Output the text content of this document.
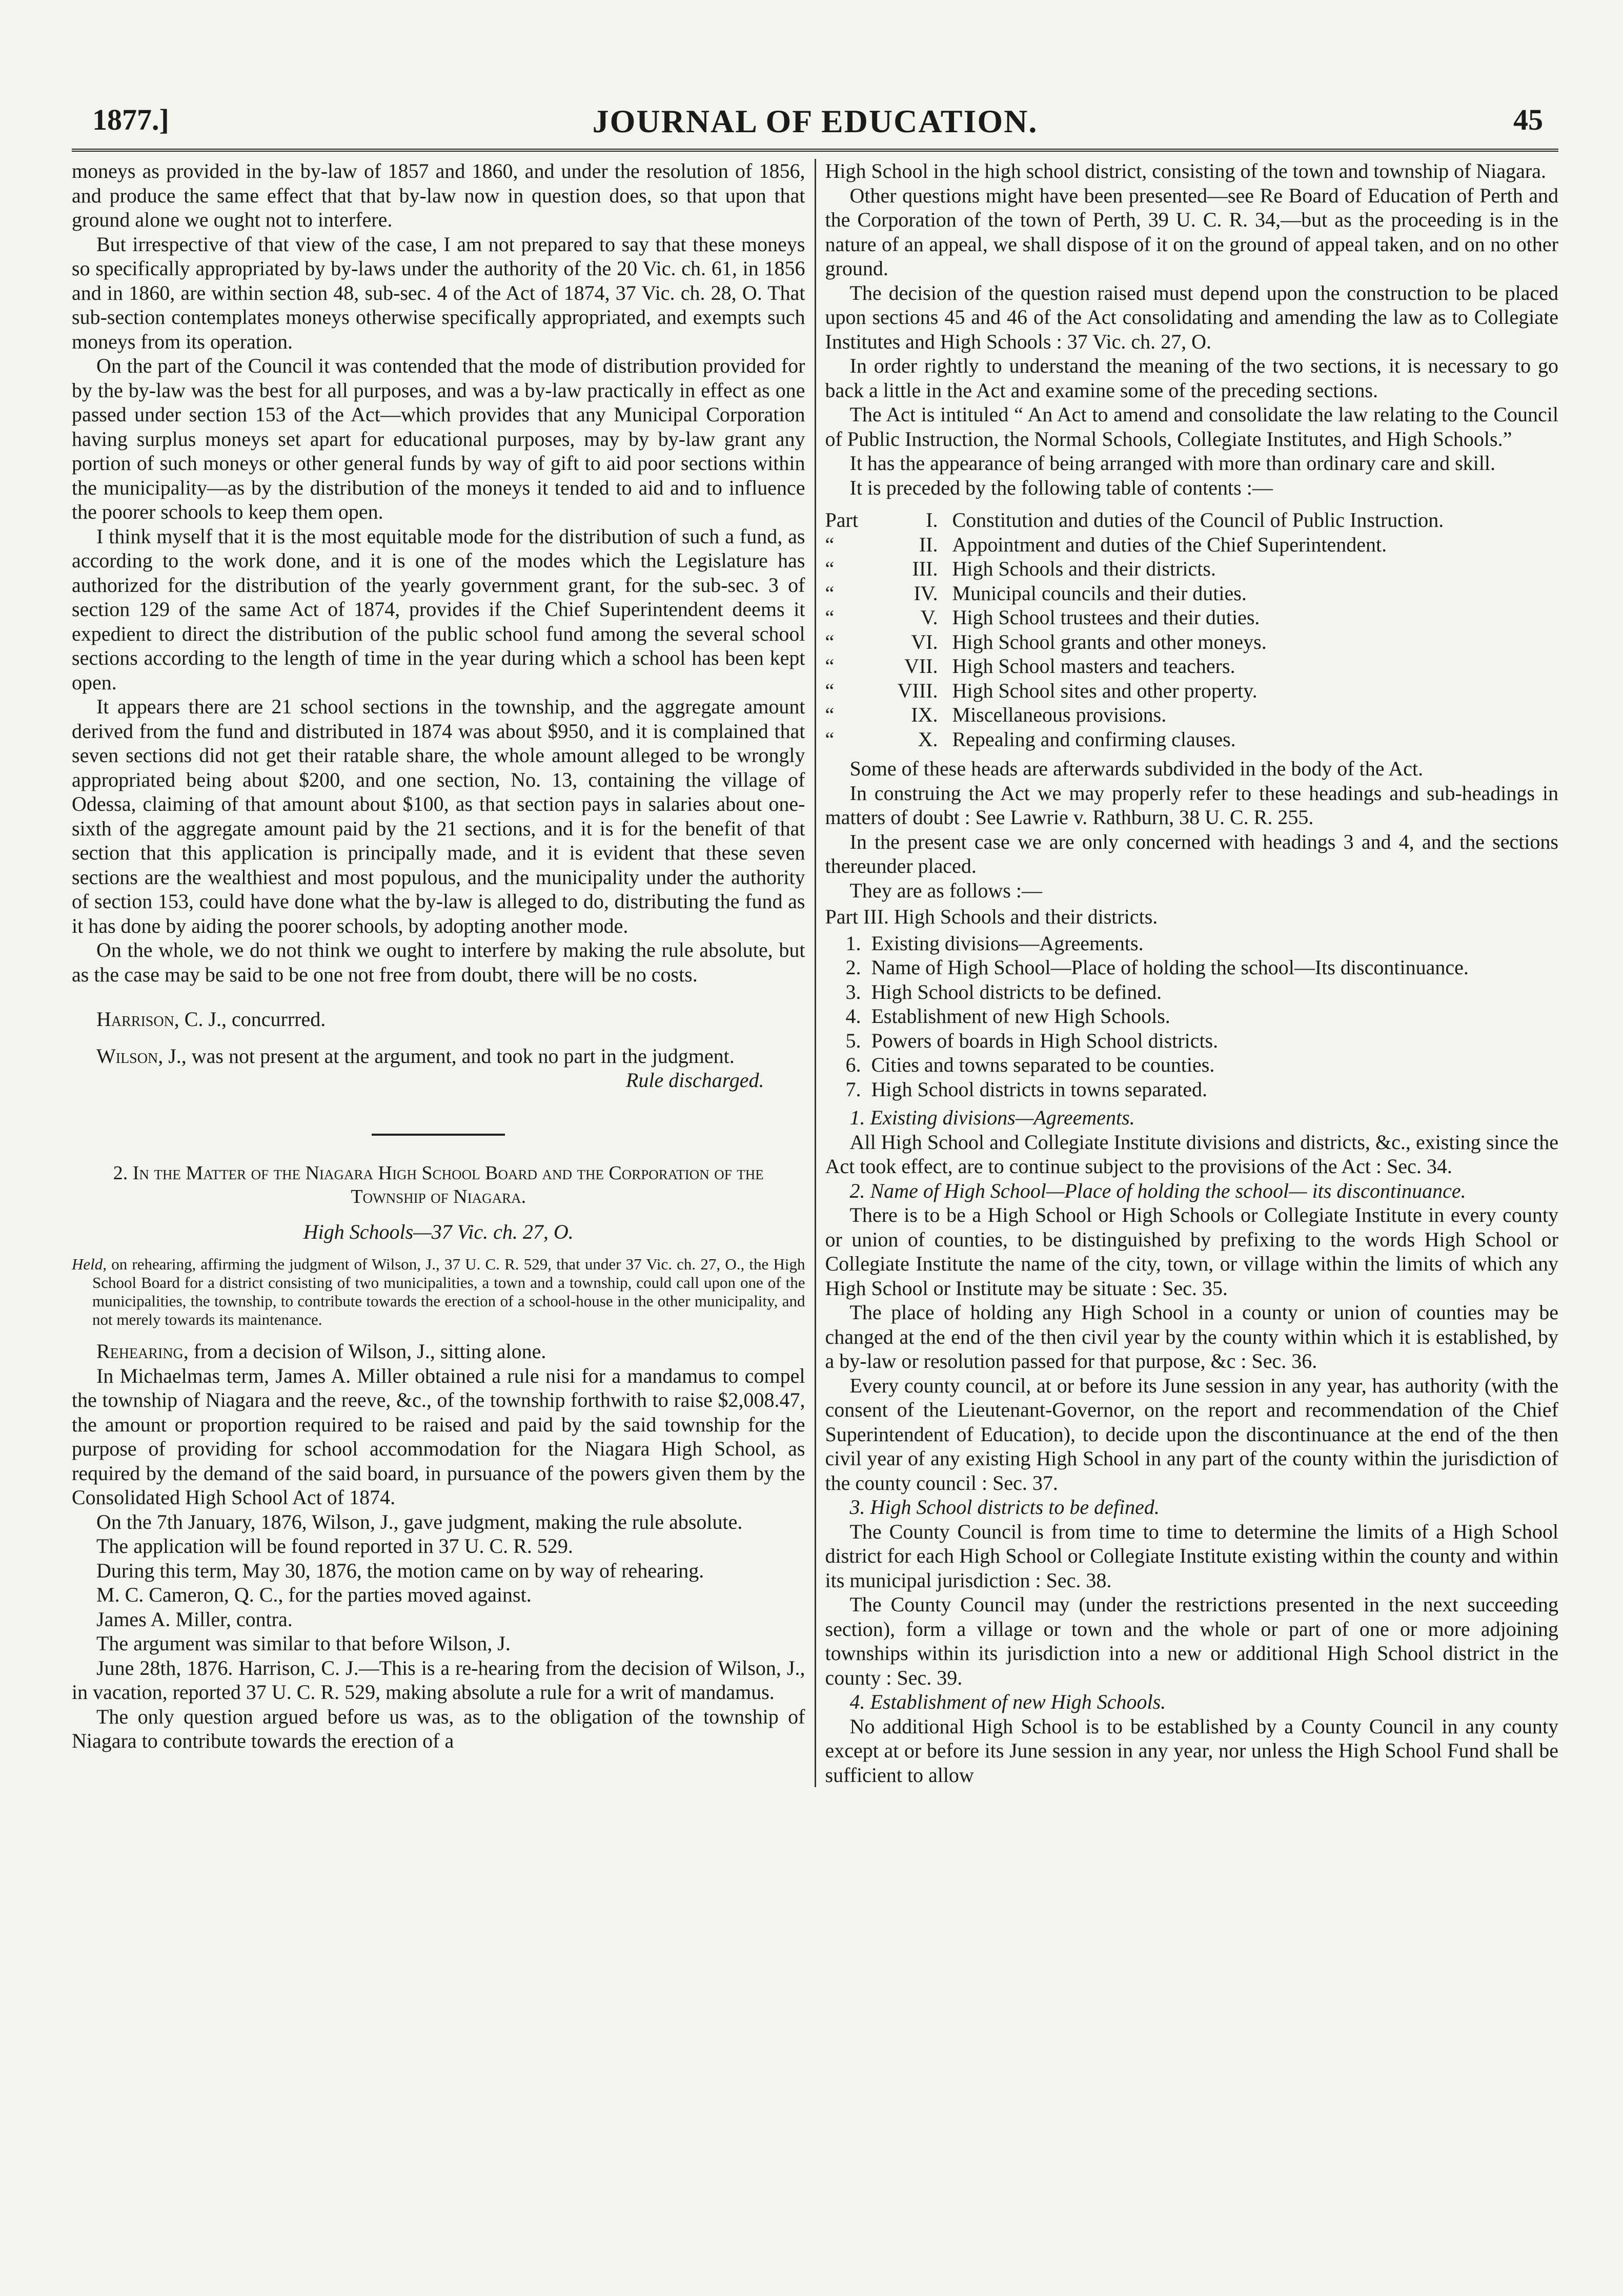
1877.]	JOURNAL OF EDUCATION.	45

moneys as provided in the by-law of 1857 and 1860, and under the resolution of 1856, and produce the same effect that that by-law now in question does, so that upon that ground alone we ought not to interfere.

But irrespective of that view of the case, I am not prepared to say that these moneys so specifically appropriated by by-laws under the authority of the 20 Vic. ch. 61, in 1856 and in 1860, are within section 48, sub-sec. 4 of the Act of 1874, 37 Vic. ch. 28, O. That sub-section contemplates moneys otherwise specifically appropriated, and exempts such moneys from its operation.

On the part of the Council it was contended that the mode of distribution provided for by the by-law was the best for all purposes, and was a by-law practically in effect as one passed under section 153 of the Act—which provides that any Municipal Corporation having surplus moneys set apart for educational purposes, may by by-law grant any portion of such moneys or other general funds by way of gift to aid poor sections within the municipality—as by the distribution of the moneys it tended to aid and to influence the poorer schools to keep them open.

I think myself that it is the most equitable mode for the distribution of such a fund, as according to the work done, and it is one of the modes which the Legislature has authorized for the distribution of the yearly government grant, for the sub-sec. 3 of section 129 of the same Act of 1874, provides if the Chief Superintendent deems it expedient to direct the distribution of the public school fund among the several school sections according to the length of time in the year during which a school has been kept open.

It appears there are 21 school sections in the township, and the aggregate amount derived from the fund and distributed in 1874 was about $950, and it is complained that seven sections did not get their ratable share, the whole amount alleged to be wrongly appropriated being about $200, and one section, No. 13, containing the village of Odessa, claiming of that amount about $100, as that section pays in salaries about one-sixth of the aggregate amount paid by the 21 sections, and it is for the benefit of that section that this application is principally made, and it is evident that these seven sections are the wealthiest and most populous, and the municipality under the authority of section 153, could have done what the by-law is alleged to do, distributing the fund as it has done by aiding the poorer schools, by adopting another mode.

On the whole, we do not think we ought to interfere by making the rule absolute, but as the case may be said to be one not free from doubt, there will be no costs.

Harrison, C. J., concurrred.

Wilson, J., was not present at the argument, and took no part in the judgment.

Rule discharged.
2. In the Matter of the Niagara High School Board and the Corporation of the Township of Niagara.
High Schools—37 Vic. ch. 27, O.
Held, on rehearing, affirming the judgment of Wilson, J., 37 U. C. R. 529, that under 37 Vic. ch. 27, O., the High School Board for a district consisting of two municipalities, a town and a township, could call upon one of the municipalities, the township, to contribute towards the erection of a school-house in the other municipality, and not merely towards its maintenance.

Rehearing, from a decision of Wilson, J., sitting alone.

In Michaelmas term, James A. Miller obtained a rule nisi for a mandamus to compel the township of Niagara and the reeve, &c., of the township forthwith to raise $2,008.47, the amount or proportion required to be raised and paid by the said township for the purpose of providing for school accommodation for the Niagara High School, as required by the demand of the said board, in pursuance of the powers given them by the Consolidated High School Act of 1874.

On the 7th January, 1876, Wilson, J., gave judgment, making the rule absolute.

The application will be found reported in 37 U. C. R. 529.

During this term, May 30, 1876, the motion came on by way of rehearing.

M. C. Cameron, Q. C., for the parties moved against.

James A. Miller, contra.

The argument was similar to that before Wilson, J.

June 28th, 1876. Harrison, C. J.—This is a re-hearing from the decision of Wilson, J., in vacation, reported 37 U. C. R. 529, making absolute a rule for a writ of mandamus.

The only question argued before us was, as to the obligation of the township of Niagara to contribute towards the erection of a

High School in the high school district, consisting of the town and township of Niagara.

Other questions might have been presented—see Re Board of Education of Perth and the Corporation of the town of Perth, 39 U. C. R. 34,—but as the proceeding is in the nature of an appeal, we shall dispose of it on the ground of appeal taken, and on no other ground.

The decision of the question raised must depend upon the construction to be placed upon sections 45 and 46 of the Act consolidating and amending the law as to Collegiate Institutes and High Schools : 37 Vic. ch. 27, O.

In order rightly to understand the meaning of the two sections, it is necessary to go back a little in the Act and examine some of the preceding sections.

The Act is intituled “ An Act to amend and consolidate the law relating to the Council of Public Instruction, the Normal Schools, Collegiate Institutes, and High Schools.”

It has the appearance of being arranged with more than ordinary care and skill.

It is preceded by the following table of contents :—

Part	I. Constitution and duties of the Council of Public Instruction.
“	II. Appointment and duties of the Chief Superintendent.
“	III. High Schools and their districts.
“	IV. Municipal councils and their duties.
“	V. High School trustees and their duties.
“	VI. High School grants and other moneys.
“	VII. High School masters and teachers.
“	VIII. High School sites and other property.
“	IX. Miscellaneous provisions.
“	X. Repealing and confirming clauses.

Some of these heads are afterwards subdivided in the body of the Act.

In construing the Act we may properly refer to these headings and sub-headings in matters of doubt : See Lawrie v. Rathburn, 38 U. C. R. 255.

In the present case we are only concerned with headings 3 and 4, and the sections thereunder placed.

They are as follows :—

Part III. High Schools and their districts.

1. Existing divisions—Agreements.
2. Name of High School—Place of holding the school—Its discontinuance.
3. High School districts to be defined.
4. Establishment of new High Schools.
5. Powers of boards in High School districts.
6. Cities and towns separated to be counties.
7. High School districts in towns separated.

1. Existing divisions—Agreements.

All High School and Collegiate Institute divisions and districts, &c., existing since the Act took effect, are to continue subject to the provisions of the Act : Sec. 34.

2. Name of High School—Place of holding the school— its discontinuance.

There is to be a High School or High Schools or Collegiate Institute in every county or union of counties, to be distinguished by prefixing to the words High School or Collegiate Institute the name of the city, town, or village within the limits of which any High School or Institute may be situate : Sec. 35.

The place of holding any High School in a county or union of counties may be changed at the end of the then civil year by the county within which it is established, by a by-law or resolution passed for that purpose, &c : Sec. 36.

Every county council, at or before its June session in any year, has authority (with the consent of the Lieutenant-Governor, on the report and recommendation of the Chief Superintendent of Education), to decide upon the discontinuance at the end of the then civil year of any existing High School in any part of the county within the jurisdiction of the county council : Sec. 37.

3. High School districts to be defined.

The County Council is from time to time to determine the limits of a High School district for each High School or Collegiate Institute existing within the county and within its municipal jurisdiction : Sec. 38.

The County Council may (under the restrictions presented in the next succeeding section), form a village or town and the whole or part of one or more adjoining townships within its jurisdiction into a new or additional High School district in the county : Sec. 39.

4. Establishment of new High Schools.

No additional High School is to be established by a County Council in any county except at or before its June session in any year, nor unless the High School Fund shall be sufficient to allow
